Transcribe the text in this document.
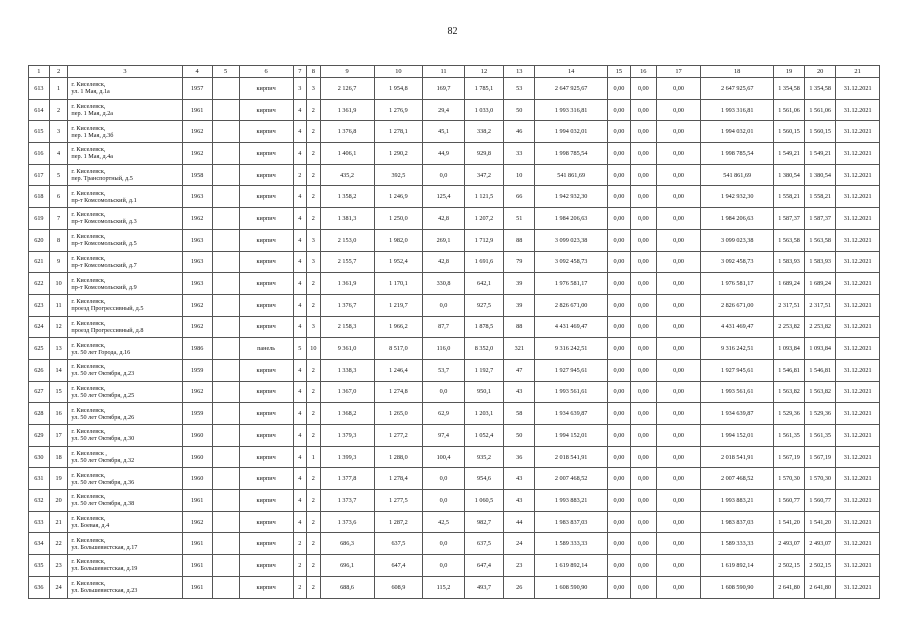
82
1	2	3	4	5	6	7	8	9	10	11	12	13	14	15	16	17	18	19	20	21
613	1	г. Киселевск,
ул. 1 Мая, д.1а	1957		кирпич	3	3	2 126,7	1 954,8	169,7	1 785,1	53	2 647 925,67	0,00	0,00	0,00	2 647 925,67	1 354,58	1 354,58	31.12.2021
614	2	г. Киселевск,
пер. 1 Мая, д.2а	1961		кирпич	4	2	1 361,9	1 276,9	29,4	1 033,0	50	1 993 316,81	0,00	0,00	0,00	1 993 316,81	1 561,06	1 561,06	31.12.2021
615	3	г. Киселевск,
пер. 1 Мая, д.3б	1962		кирпич	4	2	1 376,8	1 278,1	45,1	338,2	46	1 994 032,01	0,00	0,00	0,00	1 994 032,01	1 560,15	1 560,15	31.12.2021
616	4	г. Киселевск,
пер. 1 Мая, д.4а	1962		кирпич	4	2	1 406,1	1 290,2	44,9	929,8	33	1 998 785,54	0,00	0,00	0,00	1 998 785,54	1 549,21	1 549,21	31.12.2021
617	5	г. Киселевск,
пер. Транспортный, д.5	1958		кирпич	2	2	435,2	392,5	0,0	347,2	10	541 861,69	0,00	0,00	0,00	541 861,69	1 380,54	1 380,54	31.12.2021
618	6	г. Киселевск,
пр-т Комсомольский, д.1	1963		кирпич	4	2	1 358,2	1 246,9	125,4	1 121,5	66	1 942 932,30	0,00	0,00	0,00	1 942 932,30	1 558,21	1 558,21	31.12.2021
619	7	г. Киселевск,
пр-т Комсомольский, д.3	1962		кирпич	4	2	1 381,3	1 250,0	42,8	1 207,2	51	1 984 206,63	0,00	0,00	0,00	1 984 206,63	1 587,37	1 587,37	31.12.2021
620	8	г. Киселевск,
пр-т Комсомольский, д.5	1963		кирпич	4	3	2 153,0	1 982,0	269,1	1 712,9	88	3 099 023,38	0,00	0,00	0,00	3 099 023,38	1 563,58	1 563,58	31.12.2021
621	9	г. Киселевск,
пр-т Комсомольский, д.7	1963		кирпич	4	3	2 155,7	1 952,4	42,8	1 691,6	79	3 092 458,73	0,00	0,00	0,00	3 092 458,73	1 583,93	1 583,93	31.12.2021
622	10	г. Киселевск,
пр-т Комсомольский, д.9	1963		кирпич	4	2	1 361,9	1 170,1	330,8	642,1	39	1 976 581,17	0,00	0,00	0,00	1 976 581,17	1 689,24	1 689,24	31.12.2021
623	11	г. Киселевск,
проезд Прогрессивный, д.5	1962		кирпич	4	2	1 376,7	1 219,7	0,0	927,5	39	2 826 671,00	0,00	0,00	0,00	2 826 671,00	2 317,51	2 317,51	31.12.2021
624	12	г. Киселевск,
проезд Прогрессивный, д.8	1962		кирпич	4	3	2 158,3	1 966,2	87,7	1 878,5	88	4 431 469,47	0,00	0,00	0,00	4 431 469,47	2 253,82	2 253,82	31.12.2021
625	13	г. Киселевск,
ул. 50 лет Города, д.16	1986		панель	5	10	9 361,0	8 517,0	116,0	8 352,0	321	9 316 242,51	0,00	0,00	0,00	9 316 242,51	1 093,84	1 093,84	31.12.2021
626	14	г. Киселевск,
ул. 50 лет Октября, д.23	1959		кирпич	4	2	1 338,3	1 246,4	53,7	1 192,7	47	1 927 945,61	0,00	0,00	0,00	1 927 945,61	1 546,81	1 546,81	31.12.2021
627	15	г. Киселевск,
ул. 50 лет Октября, д.25	1962		кирпич	4	2	1 367,0	1 274,8	0,0	950,1	43	1 993 561,61	0,00	0,00	0,00	1 993 561,61	1 563,82	1 563,82	31.12.2021
628	16	г. Киселевск,
ул. 50 лет Октября, д.26	1959		кирпич	4	2	1 368,2	1 265,0	62,9	1 203,1	58	1 934 639,87	0,00	0,00	0,00	1 934 639,87	1 529,36	1 529,36	31.12.2021
629	17	г. Киселевск,
ул. 50 лет Октября, д.30	1960		кирпич	4	2	1 379,3	1 277,2	97,4	1 052,4	50	1 994 152,01	0,00	0,00	0,00	1 994 152,01	1 561,35	1 561,35	31.12.2021
630	18	г. Киселевск ,
ул. 50 лет Октября, д.32	1960		кирпич	4	1	1 399,3	1 288,0	100,4	935,2	36	2 018 541,91	0,00	0,00	0,00	2 018 541,91	1 567,19	1 567,19	31.12.2021
631	19	г. Киселевск,
ул. 50 лет Октября, д.36	1960		кирпич	4	2	1 377,8	1 278,4	0,0	954,6	43	2 007 468,52	0,00	0,00	0,00	2 007 468,52	1 570,30	1 570,30	31.12.2021
632	20	г. Киселевск,
ул. 50 лет Октября, д.38	1961		кирпич	4	2	1 373,7	1 277,5	0,0	1 060,5	43	1 993 883,21	0,00	0,00	0,00	1 993 883,21	1 560,77	1 560,77	31.12.2021
633	21	г. Киселевск,
ул. Боевая, д.4	1962		кирпич	4	2	1 373,6	1 287,2	42,5	982,7	44	1 983 837,03	0,00	0,00	0,00	1 983 837,03	1 541,20	1 541,20	31.12.2021
634	22	г. Киселевск,
ул. Большевистская, д.17	1961		кирпич	2	2	686,3	637,5	0,0	637,5	24	1 589 333,33	0,00	0,00	0,00	1 589 333,33	2 493,07	2 493,07	31.12.2021
635	23	г. Киселевск,
ул. Большевистская, д.19	1961		кирпич	2	2	696,1	647,4	0,0	647,4	23	1 619 892,14	0,00	0,00	0,00	1 619 892,14	2 502,15	2 502,15	31.12.2021
636	24	г. Киселевск,
ул. Большевистская, д.23	1961		кирпич	2	2	688,6	608,9	115,2	493,7	26	1 608 590,90	0,00	0,00	0,00	1 608 590,90	2 641,80	2 641,80	31.12.2021
